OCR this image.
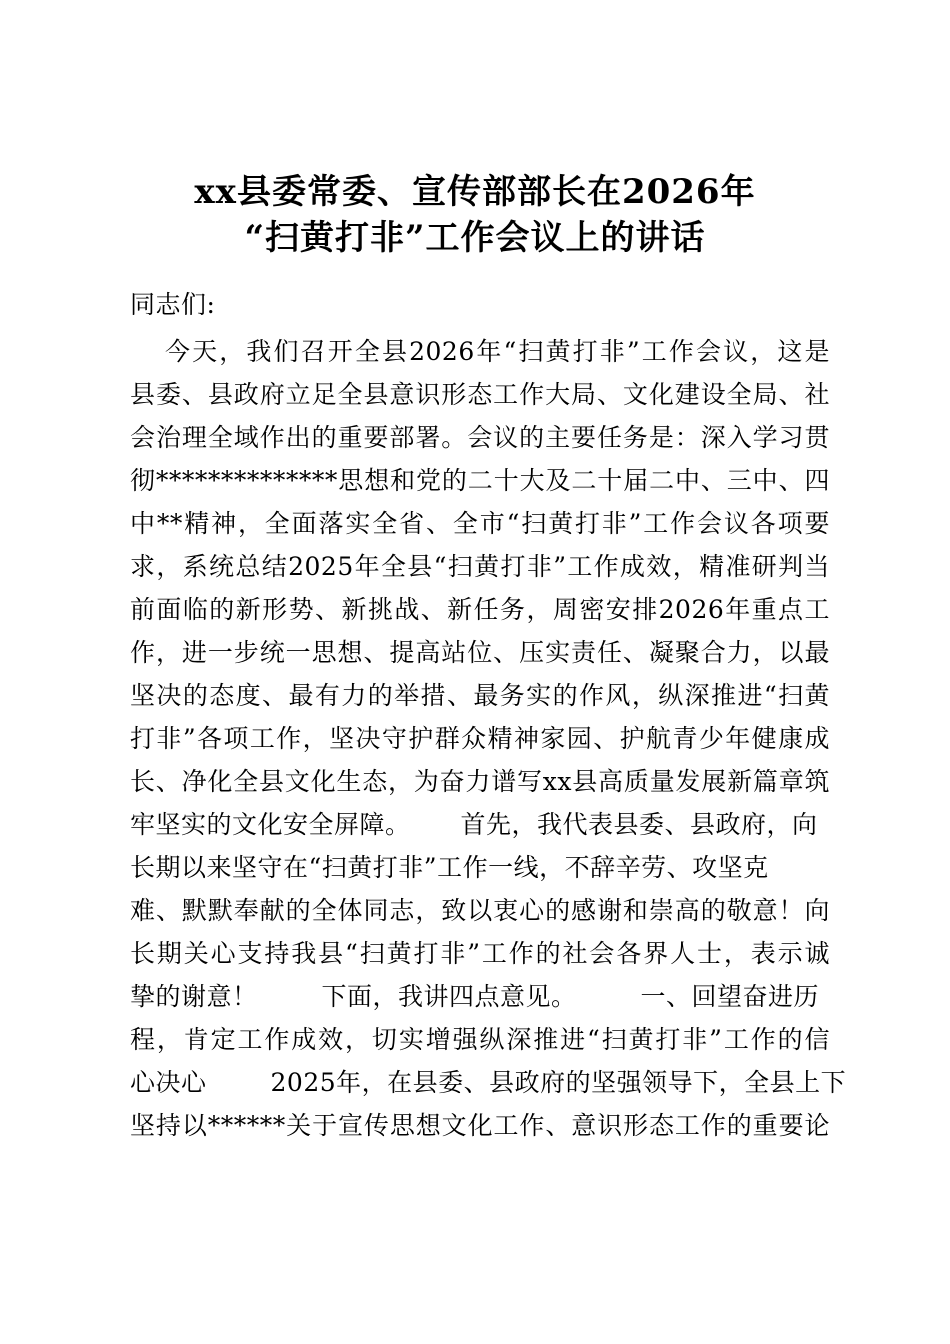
xx县委常委、宣传部部长在2026年
“扫黄打非”工作会议上的讲话
同志们:
今天，我们召开全县2026年“扫黄打非”工作会议，这是
县委、县政府立足全县意识形态工作大局、文化建设全局、社
会治理全域作出的重要部署。会议的主要任务是：深入学习贯
彻**************思想和党的二十大及二十届二中、三中、四
中**精神，全面落实全省、全市“扫黄打非”工作会议各项要
求，系统总结2025年全县“扫黄打非”工作成效，精准研判当
前面临的新形势、新挑战、新任务，周密安排2026年重点工
作，进一步统一思想、提高站位、压实责任、凝聚合力，以最
坚决的态度、最有力的举措、最务实的作风，纵深推进“扫黄
打非”各项工作，坚决守护群众精神家园、护航青少年健康成
长、净化全县文化生态，为奋力谱写xx县高质量发展新篇章筑
牢坚实的文化安全屏障。 首先，我代表县委、县政府，向
长期以来坚守在“扫黄打非”工作一线，不辞辛劳、攻坚克
难、默默奉献的全体同志，致以衷心的感谢和崇高的敬意！向
长期关心支持我县“扫黄打非”工作的社会各界人士，表示诚
挚的谢意！	下面，我讲四点意见。	一、回望奋进历
程，肯定工作成效，切实增强纵深推进“扫黄打非”工作的信
心决心	2025年，在县委、县政府的坚强领导下，全县上下
坚持以******关于宣传思想文化工作、意识形态工作的重要论
